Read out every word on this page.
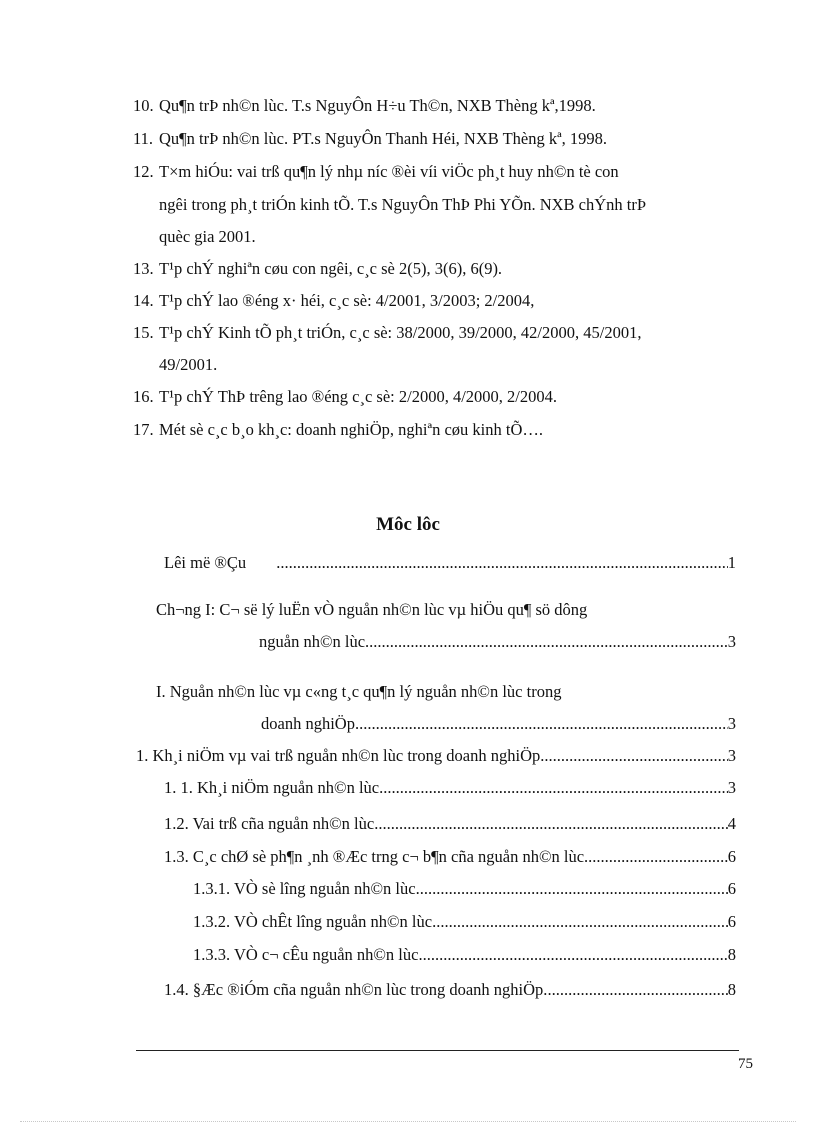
10. Qu¶n trÞ nh©n lùc. T.s NguyÔn H÷u Th©n, NXB Thèng kª,1998.
11. Qu¶n trÞ nh©n lùc. PT.s NguyÔn Thanh Héi, NXB Thèng kª, 1998.
12. T×m hiÓu: vai trß qu¶n lý nhµ níc ®èi víi viÖc ph¸t huy nh©n tè con
ngêi trong ph¸t triÓn kinh tÕ. T.s NguyÔn ThÞ Phi YÕn. NXB chÝnh trÞ
quèc gia 2001.
13. T¹p chÝ nghiªn cøu con ngêi, c¸c sè 2(5), 3(6), 6(9).
14. T¹p chÝ lao ®éng x· héi, c¸c sè: 4/2001, 3/2003; 2/2004,
15. T¹p chÝ Kinh tÕ ph¸t triÓn, c¸c sè: 38/2000, 39/2000, 42/2000, 45/2001,
49/2001.
16. T¹p chÝ ThÞ trêng lao ®éng c¸c sè: 2/2000, 4/2000, 2/2004.
17. Mét sè c¸c b¸o kh¸c: doanh nghiÖp, nghiªn cøu kinh tÕ….
Môc lôc
Lêi më ®Çu .....	1
Ch¬ng I: C¬ së lý luËn vÒ nguån nh©n lùc vµ hiÖu qu¶ sö dông
nguån nh©n lùc. .....	3
I. Nguån nh©n lùc vµ c«ng t¸c qu¶n lý nguån nh©n lùc trong
doanh nghiÖp. .....	3
1. Kh¸i niÖm vµ vai trß nguån nh©n lùc trong doanh nghiÖp. .....	3
1. 1. Kh¸i niÖm nguån nh©n lùc. .....	3
1.2. Vai trß cña nguån nh©n lùc. .....	4
1.3. C¸c chØ sè ph¶n ¸nh ®Æc trng c¬ b¶n cña nguån nh©n lùc. .....	6
1.3.1. VÒ sè lîng nguån nh©n lùc. .....	6
1.3.2. VÒ chÊt lîng nguån nh©n lùc. .....	6
1.3.3. VÒ c¬ cÊu nguån nh©n lùc. .....	8
1.4. §Æc ®iÓm cña nguån nh©n lùc trong doanh nghiÖp. .....	8
75
